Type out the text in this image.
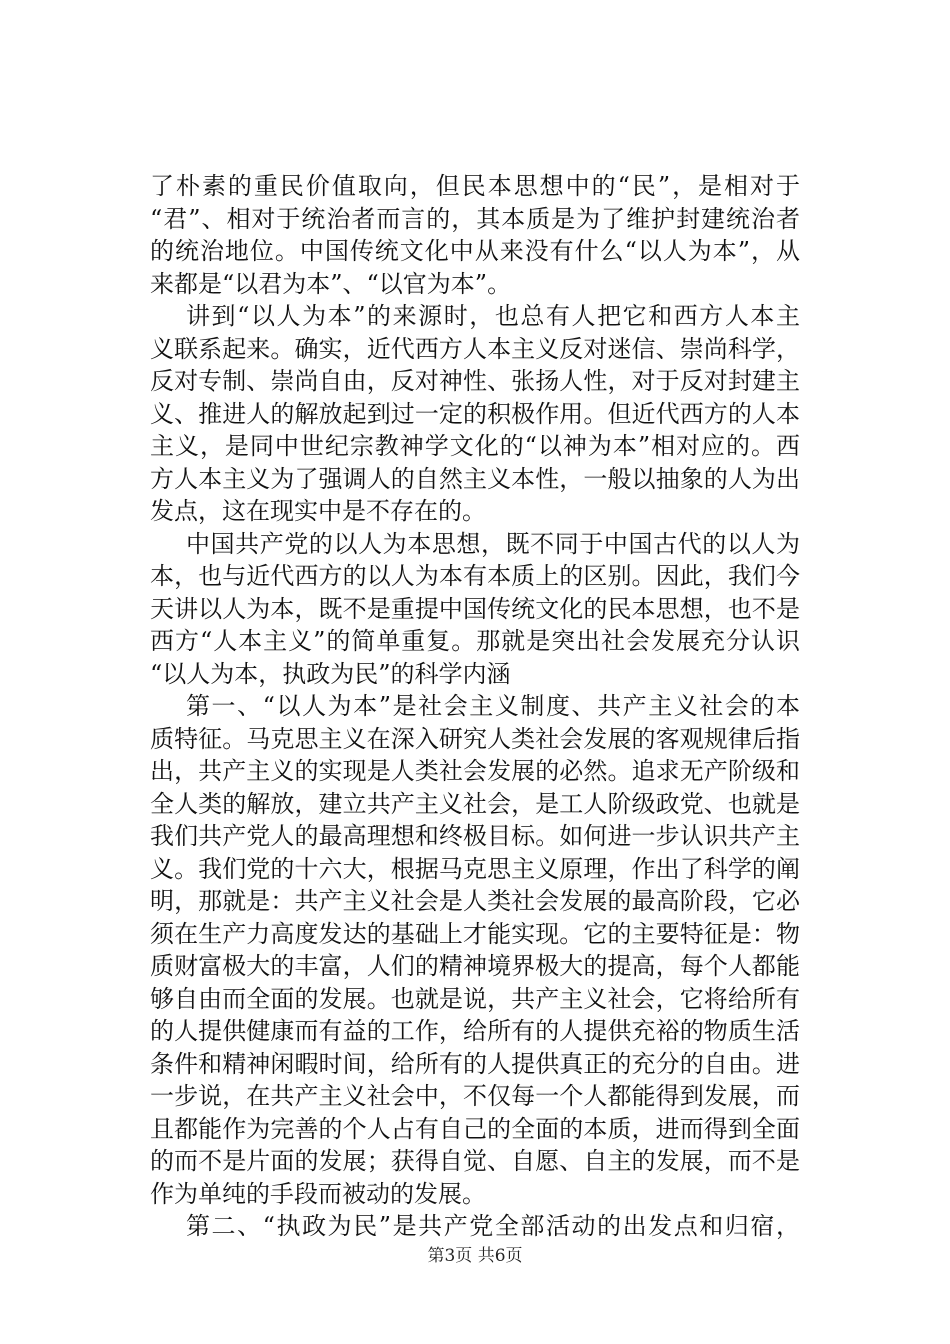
了朴素的重民价值取向，但民本思想中的“民”，是相对于
“君”、相对于统治者而言的，其本质是为了维护封建统治者
的统治地位。中国传统文化中从来没有什么“以人为本”，从
来都是“以君为本”、“以官为本”。
讲到“以人为本”的来源时，也总有人把它和西方人本主
义联系起来。确实，近代西方人本主义反对迷信、崇尚科学，
反对专制、崇尚自由，反对神性、张扬人性，对于反对封建主
义、推进人的解放起到过一定的积极作用。但近代西方的人本
主义，是同中世纪宗教神学文化的“以神为本”相对应的。西
方人本主义为了强调人的自然主义本性，一般以抽象的人为出
发点，这在现实中是不存在的。
中国共产党的以人为本思想，既不同于中国古代的以人为
本，也与近代西方的以人为本有本质上的区别。因此，我们今
天讲以人为本，既不是重提中国传统文化的民本思想，也不是
西方“人本主义”的简单重复。那就是突出社会发展充分认识
“以人为本，执政为民”的科学内涵
第一、“以人为本”是社会主义制度、共产主义社会的本
质特征。马克思主义在深入研究人类社会发展的客观规律后指
出，共产主义的实现是人类社会发展的必然。追求无产阶级和
全人类的解放，建立共产主义社会，是工人阶级政党、也就是
我们共产党人的最高理想和终极目标。如何进一步认识共产主
义。我们党的十六大，根据马克思主义原理，作出了科学的阐
明，那就是：共产主义社会是人类社会发展的最高阶段，它必
须在生产力高度发达的基础上才能实现。它的主要特征是：物
质财富极大的丰富，人们的精神境界极大的提高，每个人都能
够自由而全面的发展。也就是说，共产主义社会，它将给所有
的人提供健康而有益的工作，给所有的人提供充裕的物质生活
条件和精神闲暇时间，给所有的人提供真正的充分的自由。进
一步说，在共产主义社会中，不仅每一个人都能得到发展，而
且都能作为完善的个人占有自己的全面的本质，进而得到全面
的而不是片面的发展；获得自觉、自愿、自主的发展，而不是
作为单纯的手段而被动的发展。
第二、“执政为民”是共产党全部活动的出发点和归宿，
第3页 共6页
